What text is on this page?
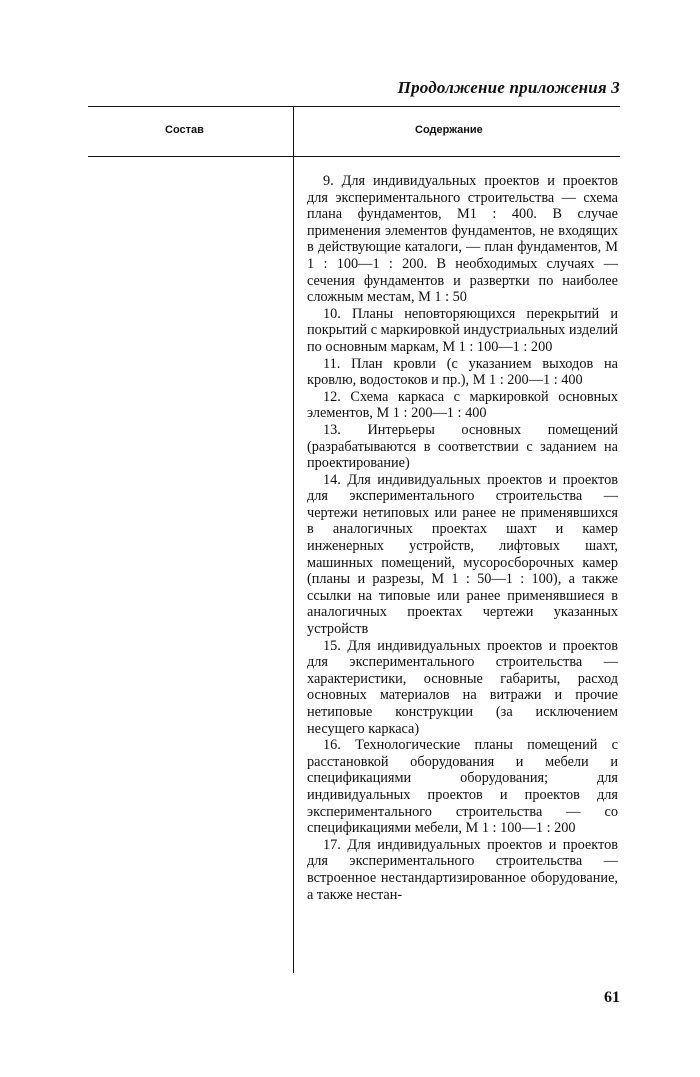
Продолжение приложения 3
Состав	Содержание

9. Для индивидуальных проектов и проектов для экспериментального строительства — схема плана фундаментов, М1 : 400. В случае применения элементов фундаментов, не входящих в действующие каталоги, — план фундаментов, М 1 : 100—1 : 200. В необходимых случаях — сечения фундаментов и развертки по наиболее сложным местам, М 1 : 50

10. Планы неповторяющихся перекрытий и покрытий с маркировкой индустриальных изделий по основным маркам, М 1 : 100—1 : 200

11. План кровли (с указанием выходов на кровлю, водостоков и пр.), М 1 : 200—1 : 400

12. Схема каркаса с маркировкой основных элементов, М 1 : 200—1 : 400

13. Интерьеры основных помещений (разрабатываются в соответствии с заданием на проектирование)

14. Для индивидуальных проектов и проектов для экспериментального строительства — чертежи нетиповых или ранее не применявшихся в аналогичных проектах шахт и камер инженерных устройств, лифтовых шахт, машинных помещений, мусоросборочных камер (планы и разрезы, М 1 : 50—1 : 100), а также ссылки на типовые или ранее применявшиеся в аналогичных проектах чертежи указанных устройств

15. Для индивидуальных проектов и проектов для экспериментального строительства — характеристики, основные габариты, расход основных материалов на витражи и прочие нетиповые конструкции (за исключением несущего каркаса)

16. Технологические планы помещений с расстановкой оборудования и мебели и спецификациями оборудования; для индивидуальных проектов и проектов для экспериментального строительства — со спецификациями мебели, М 1 : 100—1 : 200

17. Для индивидуальных проектов и проектов для экспериментального строительства — встроенное нестандартизированное оборудование, а также нестан-

61
